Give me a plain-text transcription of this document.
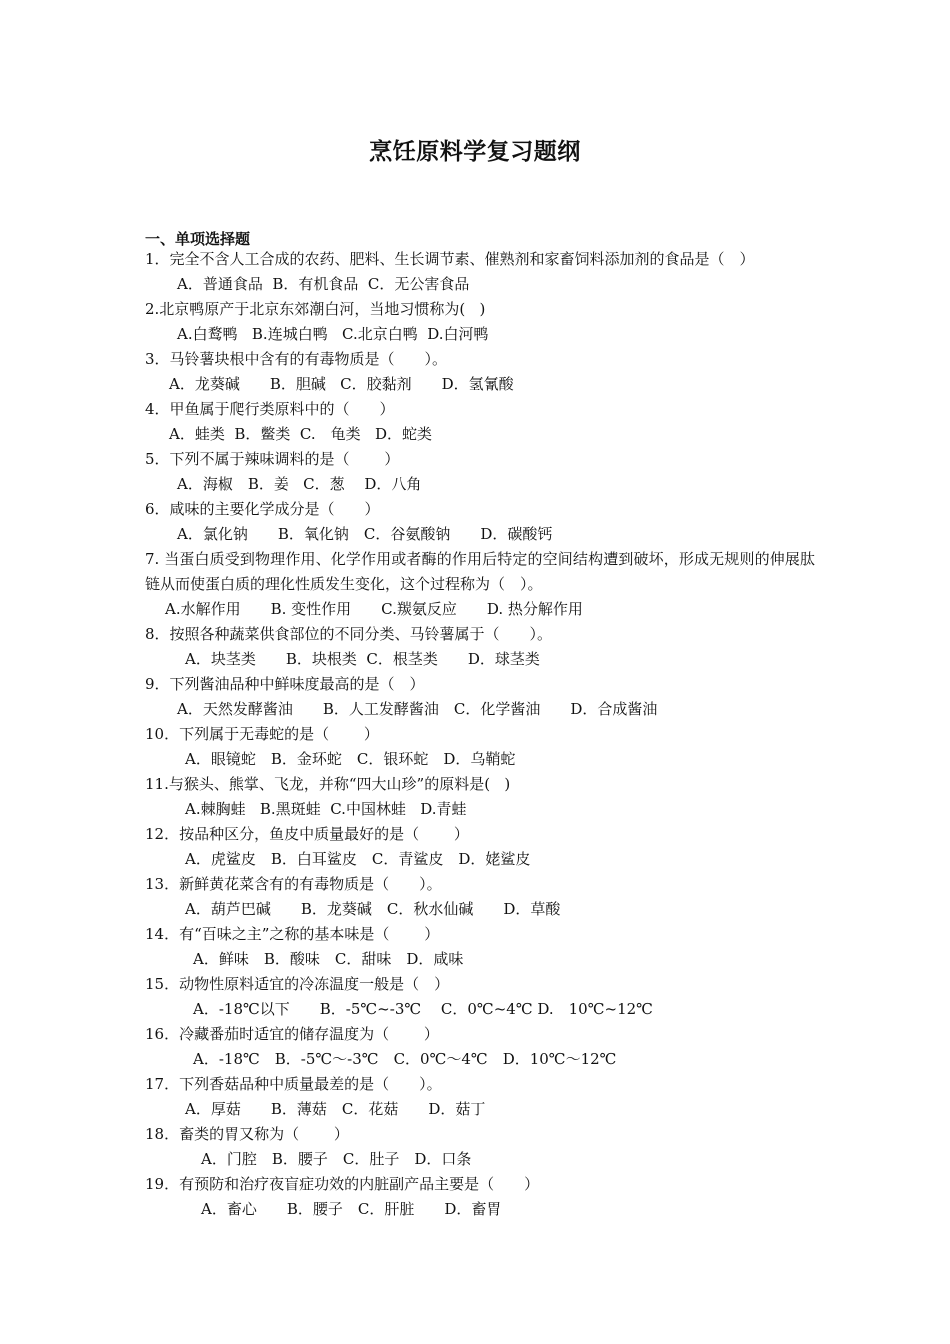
烹饪原料学复习题纲
一、单项选择题
1．完全不含人工合成的农药、肥料、生长调节素、催熟剂和家畜饲料添加剂的食品是（　）
A．普通食品  B．有机食品  C．无公害食品
2.北京鸭原产于北京东郊潮白河，当地习惯称为(   )
A.白鹜鸭   B.连城白鸭   C.北京白鸭  D.白河鸭
3．马铃薯块根中含有的有毒物质是（　　）。
A．龙葵碱　　B．胆碱   C．胶黏剂　　D．氢氰酸
4．甲鱼属于爬行类原料中的（　　）
A．蛙类  B．鳖类  C.　龟类   D．蛇类
5．下列不属于辣味调料的是（　　 ）
A．海椒　B．姜   C．葱　 D．八角
6．咸味的主要化学成分是（　　）
A．氯化钠　　B．氧化钠　C．谷氨酸钠　　D．碳酸钙
7. 当蛋白质受到物理作用、化学作用或者酶的作用后特定的空间结构遭到破坏，形成无规则的伸展肽链从而使蛋白质的理化性质发生变化，这个过程称为（　）。
A.水解作用　　B. 变性作用　　C.羰氨反应　　D. 热分解作用
8．按照各种蔬菜供食部位的不同分类、马铃薯属于（　　）。
A．块茎类　　B．块根类  C．根茎类　　D．球茎类
9．下列酱油品种中鲜味度最高的是（　）
A．天然发酵酱油　　B．人工发酵酱油　C．化学酱油　　D．合成酱油
10．下列属于无毒蛇的是（　　 ）
A．眼镜蛇　B．金环蛇　C．银环蛇　D．乌鞘蛇
11.与猴头、熊掌、飞龙，并称“四大山珍”的原料是(   )
A.棘胸蛙   B.黑斑蛙  C.中国林蛙   D.青蛙
12．按品种区分，鱼皮中质量最好的是（　　 ）
A．虎鲨皮　B．白耳鲨皮　C．青鲨皮　D．姥鲨皮
13．新鲜黄花菜含有的有毒物质是（　　）。
A．葫芦巴碱　　B．龙葵碱　C．秋水仙碱　　D．草酸
14．有“百味之主”之称的基本味是（　　 ）
A．鲜味　B．酸味　C．甜味　D．咸味
15．动物性原料适宜的冷冻温度一般是（　）
A．-18℃以下　　B．-5℃~-3℃　 C．0℃~4℃ D.　10℃~12℃
16．冷藏番茄时适宜的储存温度为（　　 ）
A．-18℃　B．-5℃～-3℃　C．0℃～4℃　D．10℃～12℃
17．下列香菇品种中质量最差的是（　　）。
A．厚菇　　B．薄菇　C．花菇　　D．菇丁
18．畜类的胃又称为（　　 ）
A．门腔　B．腰子　C．肚子　D．口条
19．有预防和治疗夜盲症功效的内脏副产品主要是（　　）
A．畜心　　B．腰子　C．肝脏　　D．畜胃
